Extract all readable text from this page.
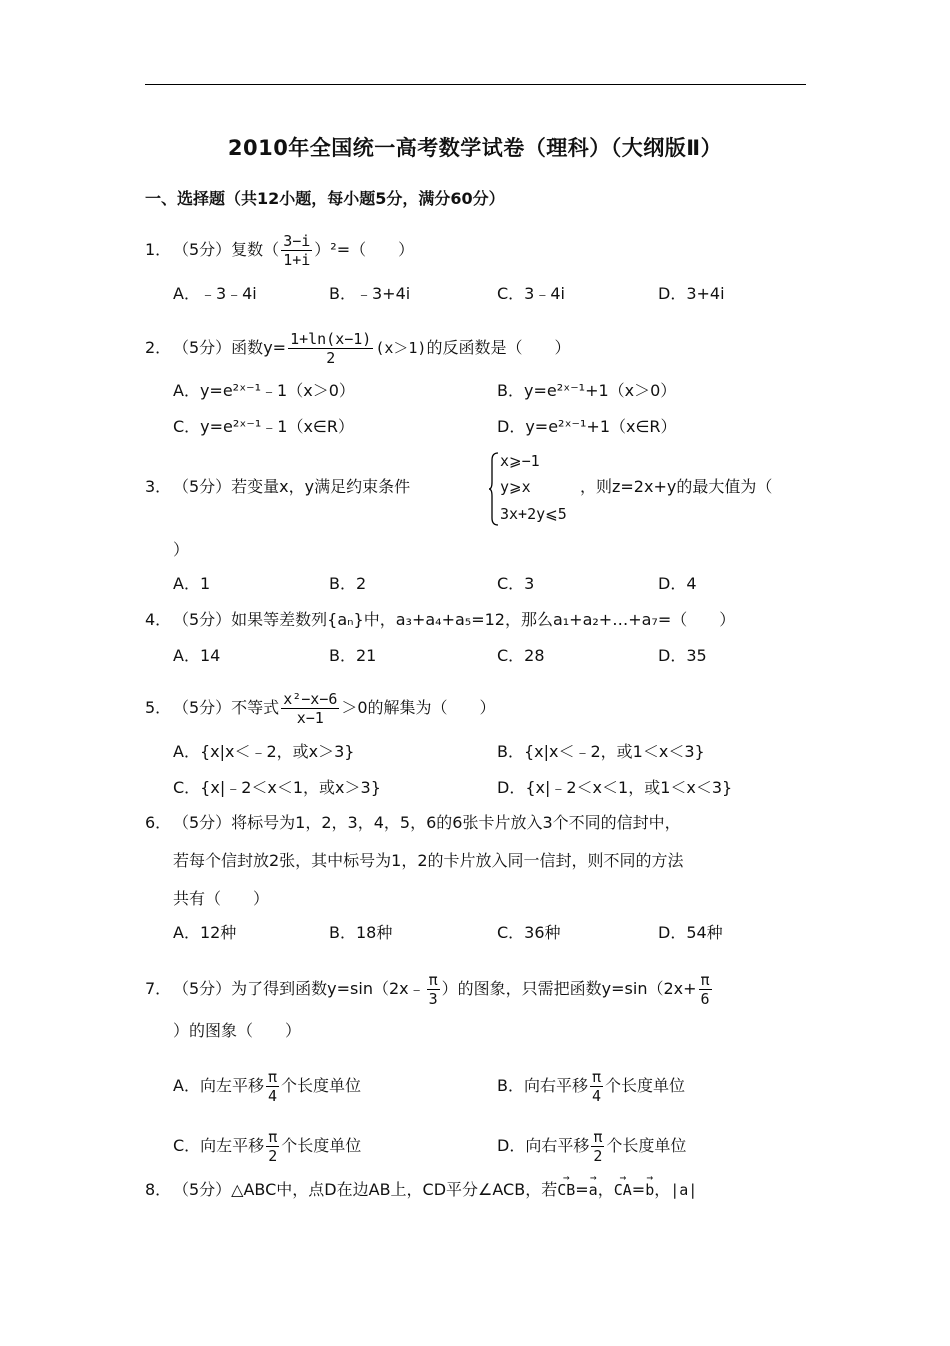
2010年全国统一高考数学试卷（理科）（大纲版Ⅱ）
一、选择题（共12小题，每小题5分，满分60分）
1． （5分）复数（ $\frac{3-i}{1+i} )^2=$（　　）
A．﹣3﹣4i	B．﹣3+4i	C．3﹣4i	D．3+4i
2． （5分）函数$y= \frac{1+\ln(x-1)}{2} (x>1)$的反函数是（　　）
A．y=e²ˣ⁻¹﹣1（x＞0）	B．y=e²ˣ⁻¹+1（x＞0）
C．y=e²ˣ⁻¹﹣1（x∈R）	D．y=e²ˣ⁻¹+1（x∈R）
3． （5分）若变量x，y满足约束条件
x⩾−1
y⩾x
3x+2y⩽5
，则z=2x+y的最大值为（
）
A．1	B．2	C．3	D．4
4． （5分）如果等差数列{aₙ}中，a₃+a₄+a₅=12，那么a₁+a₂+…+a₇=（　　）
A．14	B．21	C．28	D．35
5． （5分）不等式 $\frac{\text{x²−x−6}}{x-1} >0$的解集为（　　）
A．{x|x＜﹣2，或x＞3}	B．{x|x＜﹣2，或1＜x＜3}
C．{x|﹣2＜x＜1，或x＞3}	D．{x|﹣2＜x＜1，或1＜x＜3}
6． （5分）将标号为1，2，3，4，5，6的6张卡片放入3个不同的信封中，
若每个信封放2张，其中标号为1，2的卡片放入同一信封，则不同的方法
共有（　　）
A．12种	B．18种	C．36种	D．54种
7． （5分）为了得到函数y=sin（2x﹣ $\frac{\pi}{3}$ ）的图象，只需把函数$y=\sin(2x+ \frac{\pi}{6}$
）的图象（　　）
A．向左平移 $\frac{\pi}{4}$ 个长度单位	B．向右平移 $\frac{\pi}{4}$ 个长度单位
C．向左平移 $\frac{\pi}{2}$ 个长度单位	D．向右平移 $\frac{\pi}{2}$ 个长度单位
8． （5分）△ABC中，点D在边AB上，CD平分∠ACB，若→ CB=→ a，→ CA=→ b，|a|
